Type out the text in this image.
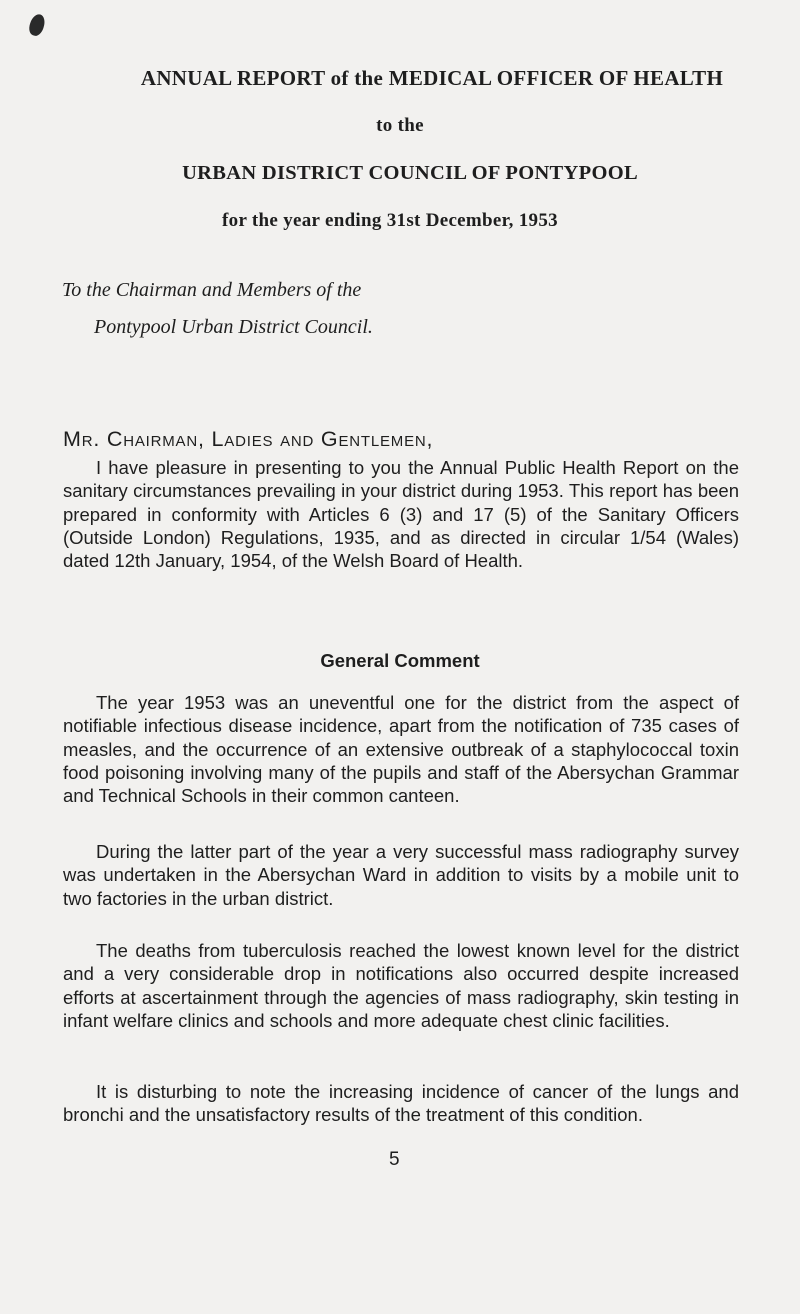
ANNUAL REPORT of the MEDICAL OFFICER OF HEALTH
to the
URBAN DISTRICT COUNCIL OF PONTYPOOL
for the year ending 31st December, 1953
To the Chairman and Members of the
Pontypool Urban District Council.
Mr. Chairman, Ladies and Gentlemen,
I have pleasure in presenting to you the Annual Public Health Report on the sanitary circumstances prevailing in your district during 1953. This report has been prepared in conformity with Articles 6 (3) and 17 (5) of the Sanitary Officers (Outside London) Regulations, 1935, and as directed in circular 1/54 (Wales) dated 12th January, 1954, of the Welsh Board of Health.
General Comment
The year 1953 was an uneventful one for the district from the aspect of notifiable infectious disease incidence, apart from the notification of 735 cases of measles, and the occurrence of an extensive outbreak of a staphylococcal toxin food poisoning involving many of the pupils and staff of the Abersychan Grammar and Technical Schools in their common canteen.
During the latter part of the year a very successful mass radiography survey was undertaken in the Abersychan Ward in addition to visits by a mobile unit to two factories in the urban district.
The deaths from tuberculosis reached the lowest known level for the district and a very considerable drop in notifications also occurred despite increased efforts at ascertainment through the agencies of mass radiography, skin testing in infant welfare clinics and schools and more adequate chest clinic facilities.
It is disturbing to note the increasing incidence of cancer of the lungs and bronchi and the unsatisfactory results of the treatment of this condition.
5
